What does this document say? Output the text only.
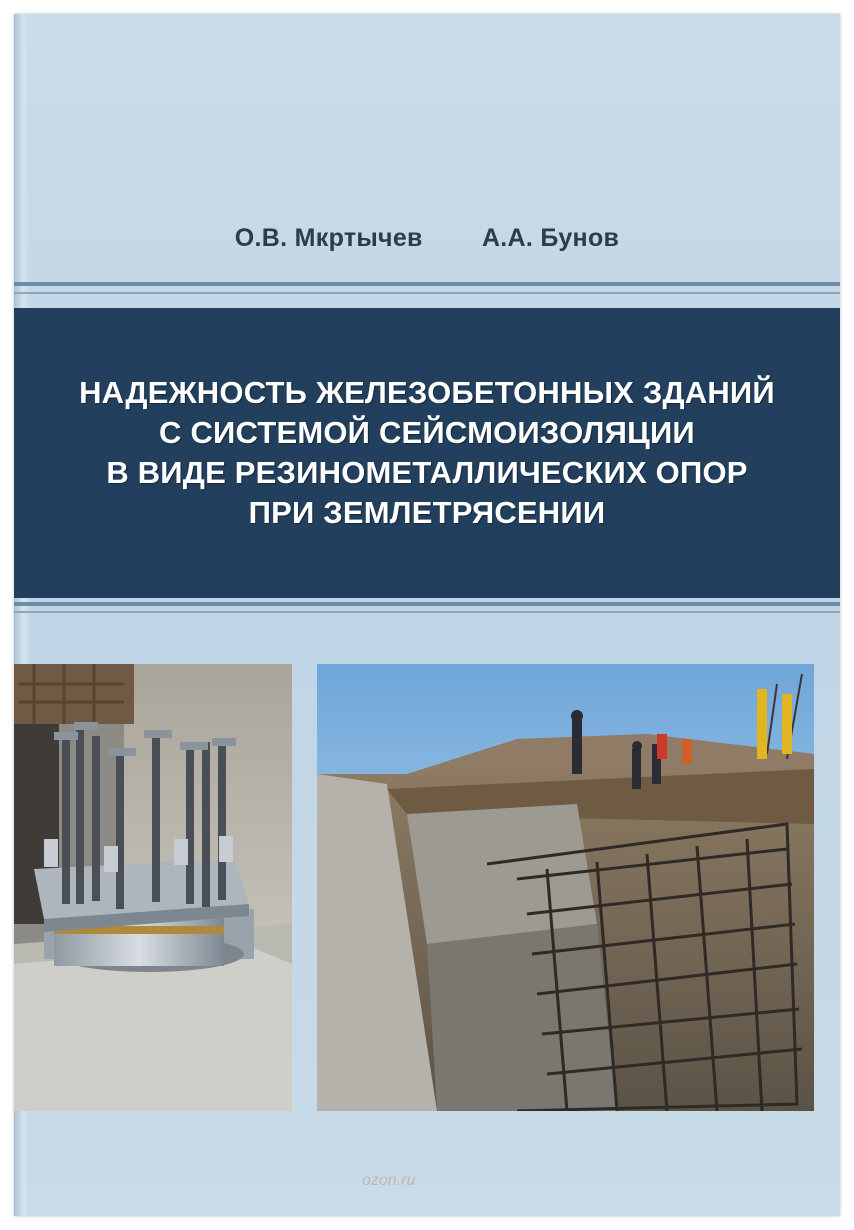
О.В. Мкртычев А.А. Бунов
НАДЕЖНОСТЬ ЖЕЛЕЗОБЕТОННЫХ ЗДАНИЙ
С СИСТЕМОЙ СЕЙСМОИЗОЛЯЦИИ
В ВИДЕ РЕЗИНОМЕТАЛЛИЧЕСКИХ ОПОР
ПРИ ЗЕМЛЕТРЯСЕНИИ
ozon.ru
